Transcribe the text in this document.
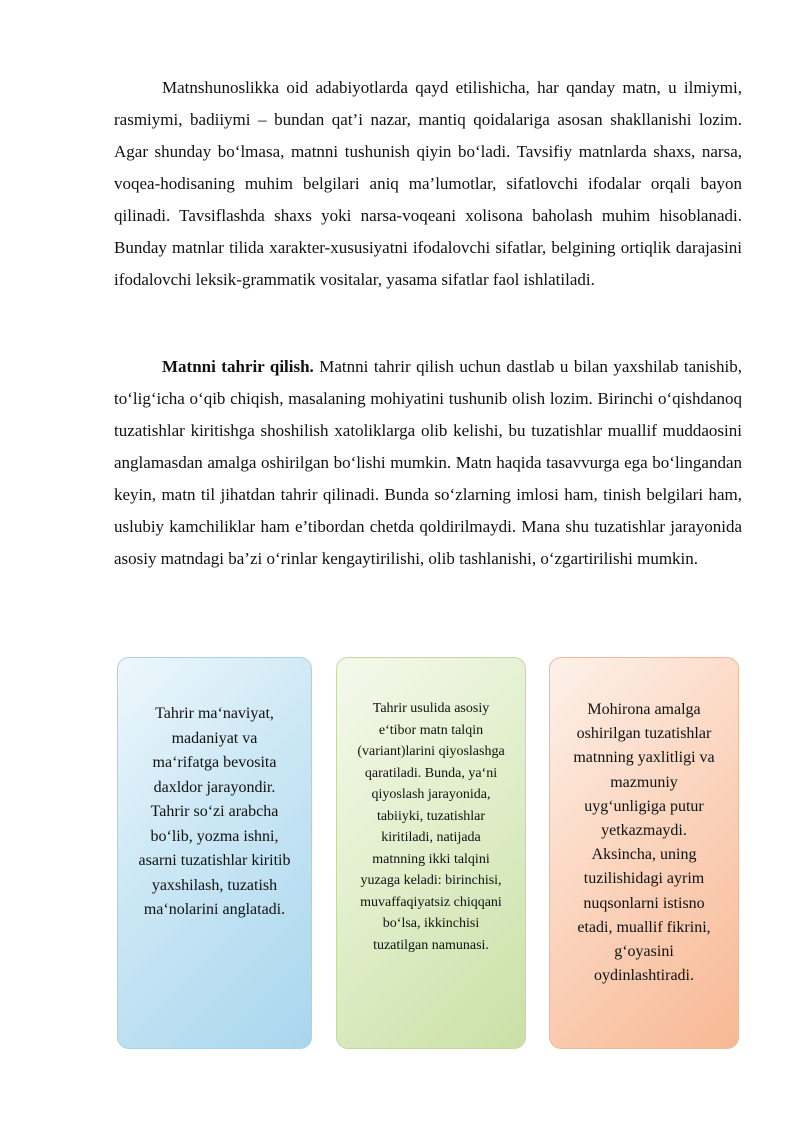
Matnshunoslikka oid adabiyotlarda qayd etilishicha, har qanday matn, u ilmiymi, rasmiymi, badiiymi – bundan qat’i nazar, mantiq qoidalariga asosan shakllanishi lozim. Agar shunday bo‘lmasa, matnni tushunish qiyin bo‘ladi. Tavsifiy matnlarda shaxs, narsa, voqea-hodisaning muhim belgilari aniq ma’lumotlar, sifatlovchi ifodalar orqali bayon qilinadi. Tavsiflashda shaxs yoki narsa-voqeani xolisona baholash muhim hisoblanadi. Bunday matnlar tilida xarakter-xususiyatni ifodalovchi sifatlar, belgining ortiqlik darajasini ifodalovchi leksik-grammatik vositalar, yasama sifatlar faol ishlatiladi.

Matnni tahrir qilish. Matnni tahrir qilish uchun dastlab u bilan yaxshilab tanishib, to‘lig‘icha o‘qib chiqish, masalaning mohiyatini tushunib olish lozim. Birinchi o‘qishdanoq tuzatishlar kiritishga shoshilish xatoliklarga olib kelishi, bu tuzatishlar muallif muddaosini anglamasdan amalga oshirilgan bo‘lishi mumkin. Matn haqida tasavvurga ega bo‘lingandan keyin, matn til jihatdan tahrir qilinadi. Bunda so‘zlarning imlosi ham, tinish belgilari ham, uslubiy kamchiliklar ham e’tibordan chetda qoldirilmaydi. Mana shu tuzatishlar jarayonida asosiy matndagi ba’zi o‘rinlar kengaytirilishi, olib tashlanishi, o‘zgartirilishi mumkin.

Tahrir ma‘naviyat,
madaniyat va
ma‘rifatga bevosita
daxldor jarayondir.
Tahrir so‘zi arabcha
bo‘lib, yozma ishni,
asarni tuzatishlar kiritib
yaxshilash, tuzatish
ma‘nolarini anglatadi.
Tahrir usulida asosiy
e‘tibor matn talqin
(variant)larini qiyoslashga
qaratiladi. Bunda, ya‘ni
qiyoslash jarayonida,
tabiiyki, tuzatishlar
kiritiladi, natijada
matnning ikki talqini
yuzaga keladi: birinchisi,
muvaffaqiyatsiz chiqqani
bo‘lsa, ikkinchisi
tuzatilgan namunasi.
Mohirona amalga
oshirilgan tuzatishlar
matnning yaxlitligi va
mazmuniy
uyg‘unligiga putur
yetkazmaydi.
Aksincha, uning
tuzilishidagi ayrim
nuqsonlarni istisno
etadi, muallif fikrini,
g‘oyasini
oydinlashtiradi.
